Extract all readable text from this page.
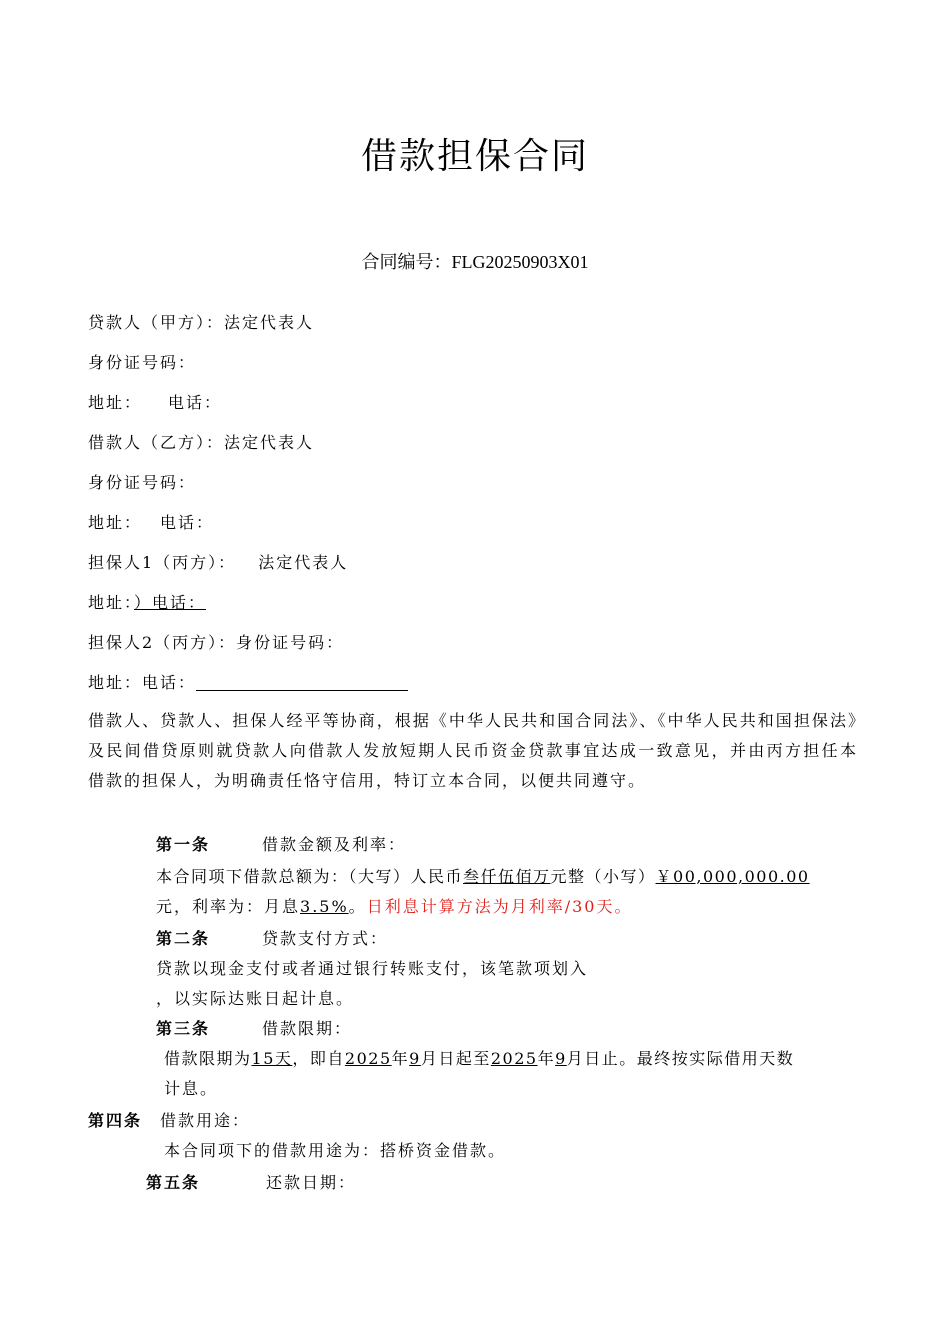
借款担保合同
合同编号：FLG20250903X01
贷款人（甲方）：法定代表人
身份证号码：
地址： 电话：
借款人（乙方）：法定代表人
身份证号码：
地址： 电话：
担保人1（丙方）： 法定代表人
地址：）电话：
担保人2（丙方）：身份证号码：
地址：电话：
借款人、贷款人、担保人经平等协商，根据《中华人民共和国合同法》、《中华人民共和国担保法》及民间借贷原则就贷款人向借款人发放短期人民币资金贷款事宜达成一致意见，并由丙方担任本借款的担保人，为明确责任恪守信用，特订立本合同，以便共同遵守。
第一条	借款金额及利率：
本合同项下借款总额为：（大写）人民币叁仟伍佰万元整（小写）￥00,000,000.00
元，利率为：月息3.5%。日利息计算方法为月利率/30天。
第二条	贷款支付方式：
贷款以现金支付或者通过银行转账支付，该笔款项划入
，以实际达账日起计息。
第三条	借款限期：
借款限期为15天，即自2025年9月日起至2025年9月日止。最终按实际借用天数
计息。
第四条 借款用途：
本合同项下的借款用途为：搭桥资金借款。
第五条	还款日期：
